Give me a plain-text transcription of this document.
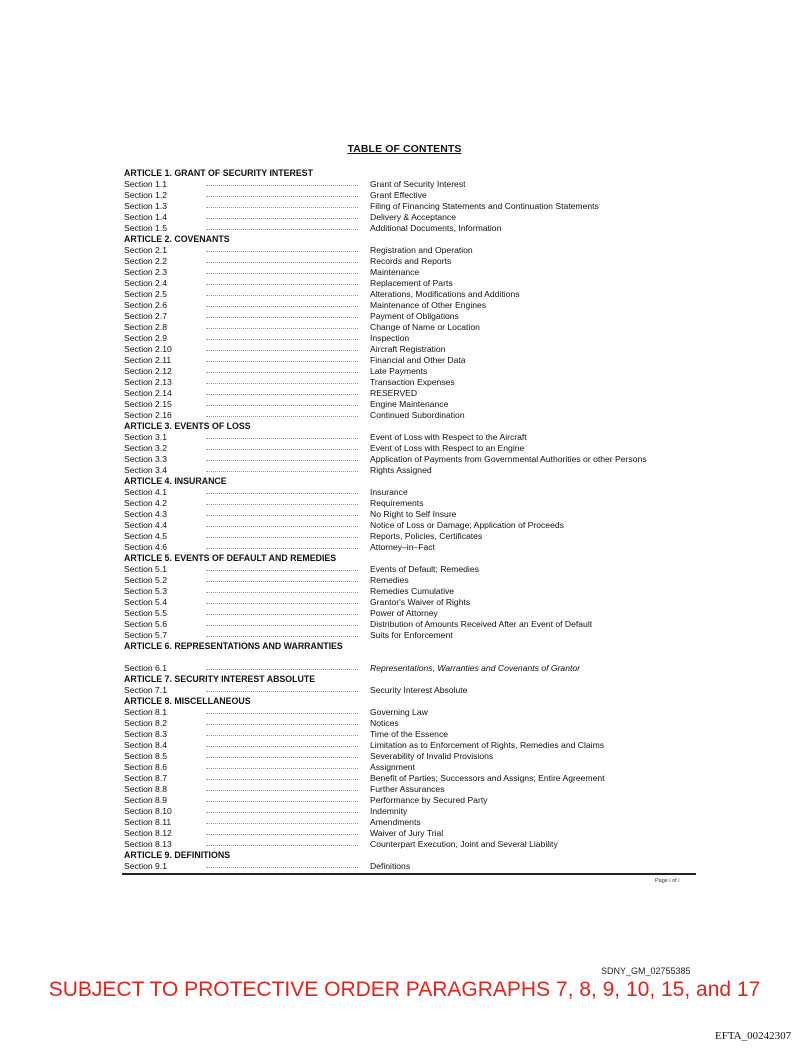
TABLE OF CONTENTS
ARTICLE 1. GRANT OF SECURITY INTEREST
Section 1.1	Grant of Security Interest
Section 1.2	Grant Effective
Section 1.3	Filing of Financing Statements and Continuation Statements
Section 1.4	Delivery & Acceptance
Section 1.5	Additional Documents, Information
ARTICLE 2. COVENANTS
Section 2.1	Registration and Operation
Section 2.2	Records and Reports
Section 2.3	Maintenance
Section 2.4	Replacement of Parts
Section 2.5	Alterations, Modifications and Additions
Section 2.6	Maintenance of Other Engines
Section 2.7	Payment of Obligations
Section 2.8	Change of Name or Location
Section 2.9	Inspection
Section 2.10	Aircraft Registration
Section 2.11	Financial and Other Data
Section 2.12	Late Payments
Section 2.13	Transaction Expenses
Section 2.14	RESERVED
Section 2.15	Engine Maintenance
Section 2.16	Continued Subordination
ARTICLE 3. EVENTS OF LOSS
Section 3.1	Event of Loss with Respect to the Aircraft
Section 3.2	Event of Loss with Respect to an Engine
Section 3.3	Application of Payments from Governmental Authorities or other Persons
Section 3.4	Rights Assigned
ARTICLE 4. INSURANCE
Section 4.1	Insurance
Section 4.2	Requirements
Section 4.3	No Right to Self Insure
Section 4.4	Notice of Loss or Damage; Application of Proceeds
Section 4.5	Reports, Policies, Certificates
Section 4.6	Attorney–in–Fact
ARTICLE 5. EVENTS OF DEFAULT AND REMEDIES
Section 5.1	Events of Default; Remedies
Section 5.2	Remedies
Section 5.3	Remedies Cumulative
Section 5.4	Grantor's Waiver of Rights
Section 5.5	Power of Attorney
Section 5.6	Distribution of Amounts Received After an Event of Default
Section 5.7	Suits for Enforcement
ARTICLE 6. REPRESENTATIONS AND WARRANTIES
Section 6.1	Representations, Warranties and Covenants of Grantor
ARTICLE 7. SECURITY INTEREST ABSOLUTE
Section 7.1	Security Interest Absolute
ARTICLE 8. MISCELLANEOUS
Section 8.1	Governing Law
Section 8.2	Notices
Section 8.3	Time of the Essence
Section 8.4	Limitation as to Enforcement of Rights, Remedies and Claims
Section 8.5	Severability of Invalid Provisions
Section 8.6	Assignment
Section 8.7	Benefit of Parties; Successors and Assigns; Entire Agreement
Section 8.8	Further Assurances
Section 8.9	Performance by Secured Party
Section 8.10	Indemnity
Section 8.11	Amendments
Section 8.12	Waiver of Jury Trial
Section 8.13	Counterpart Execution, Joint and Several Liability
ARTICLE 9. DEFINITIONS
Section 9.1	Definitions
Page i of i
SDNY_GM_02755385
SUBJECT TO PROTECTIVE ORDER PARAGRAPHS 7, 8, 9, 10, 15, and 17
EFTA_00242307
